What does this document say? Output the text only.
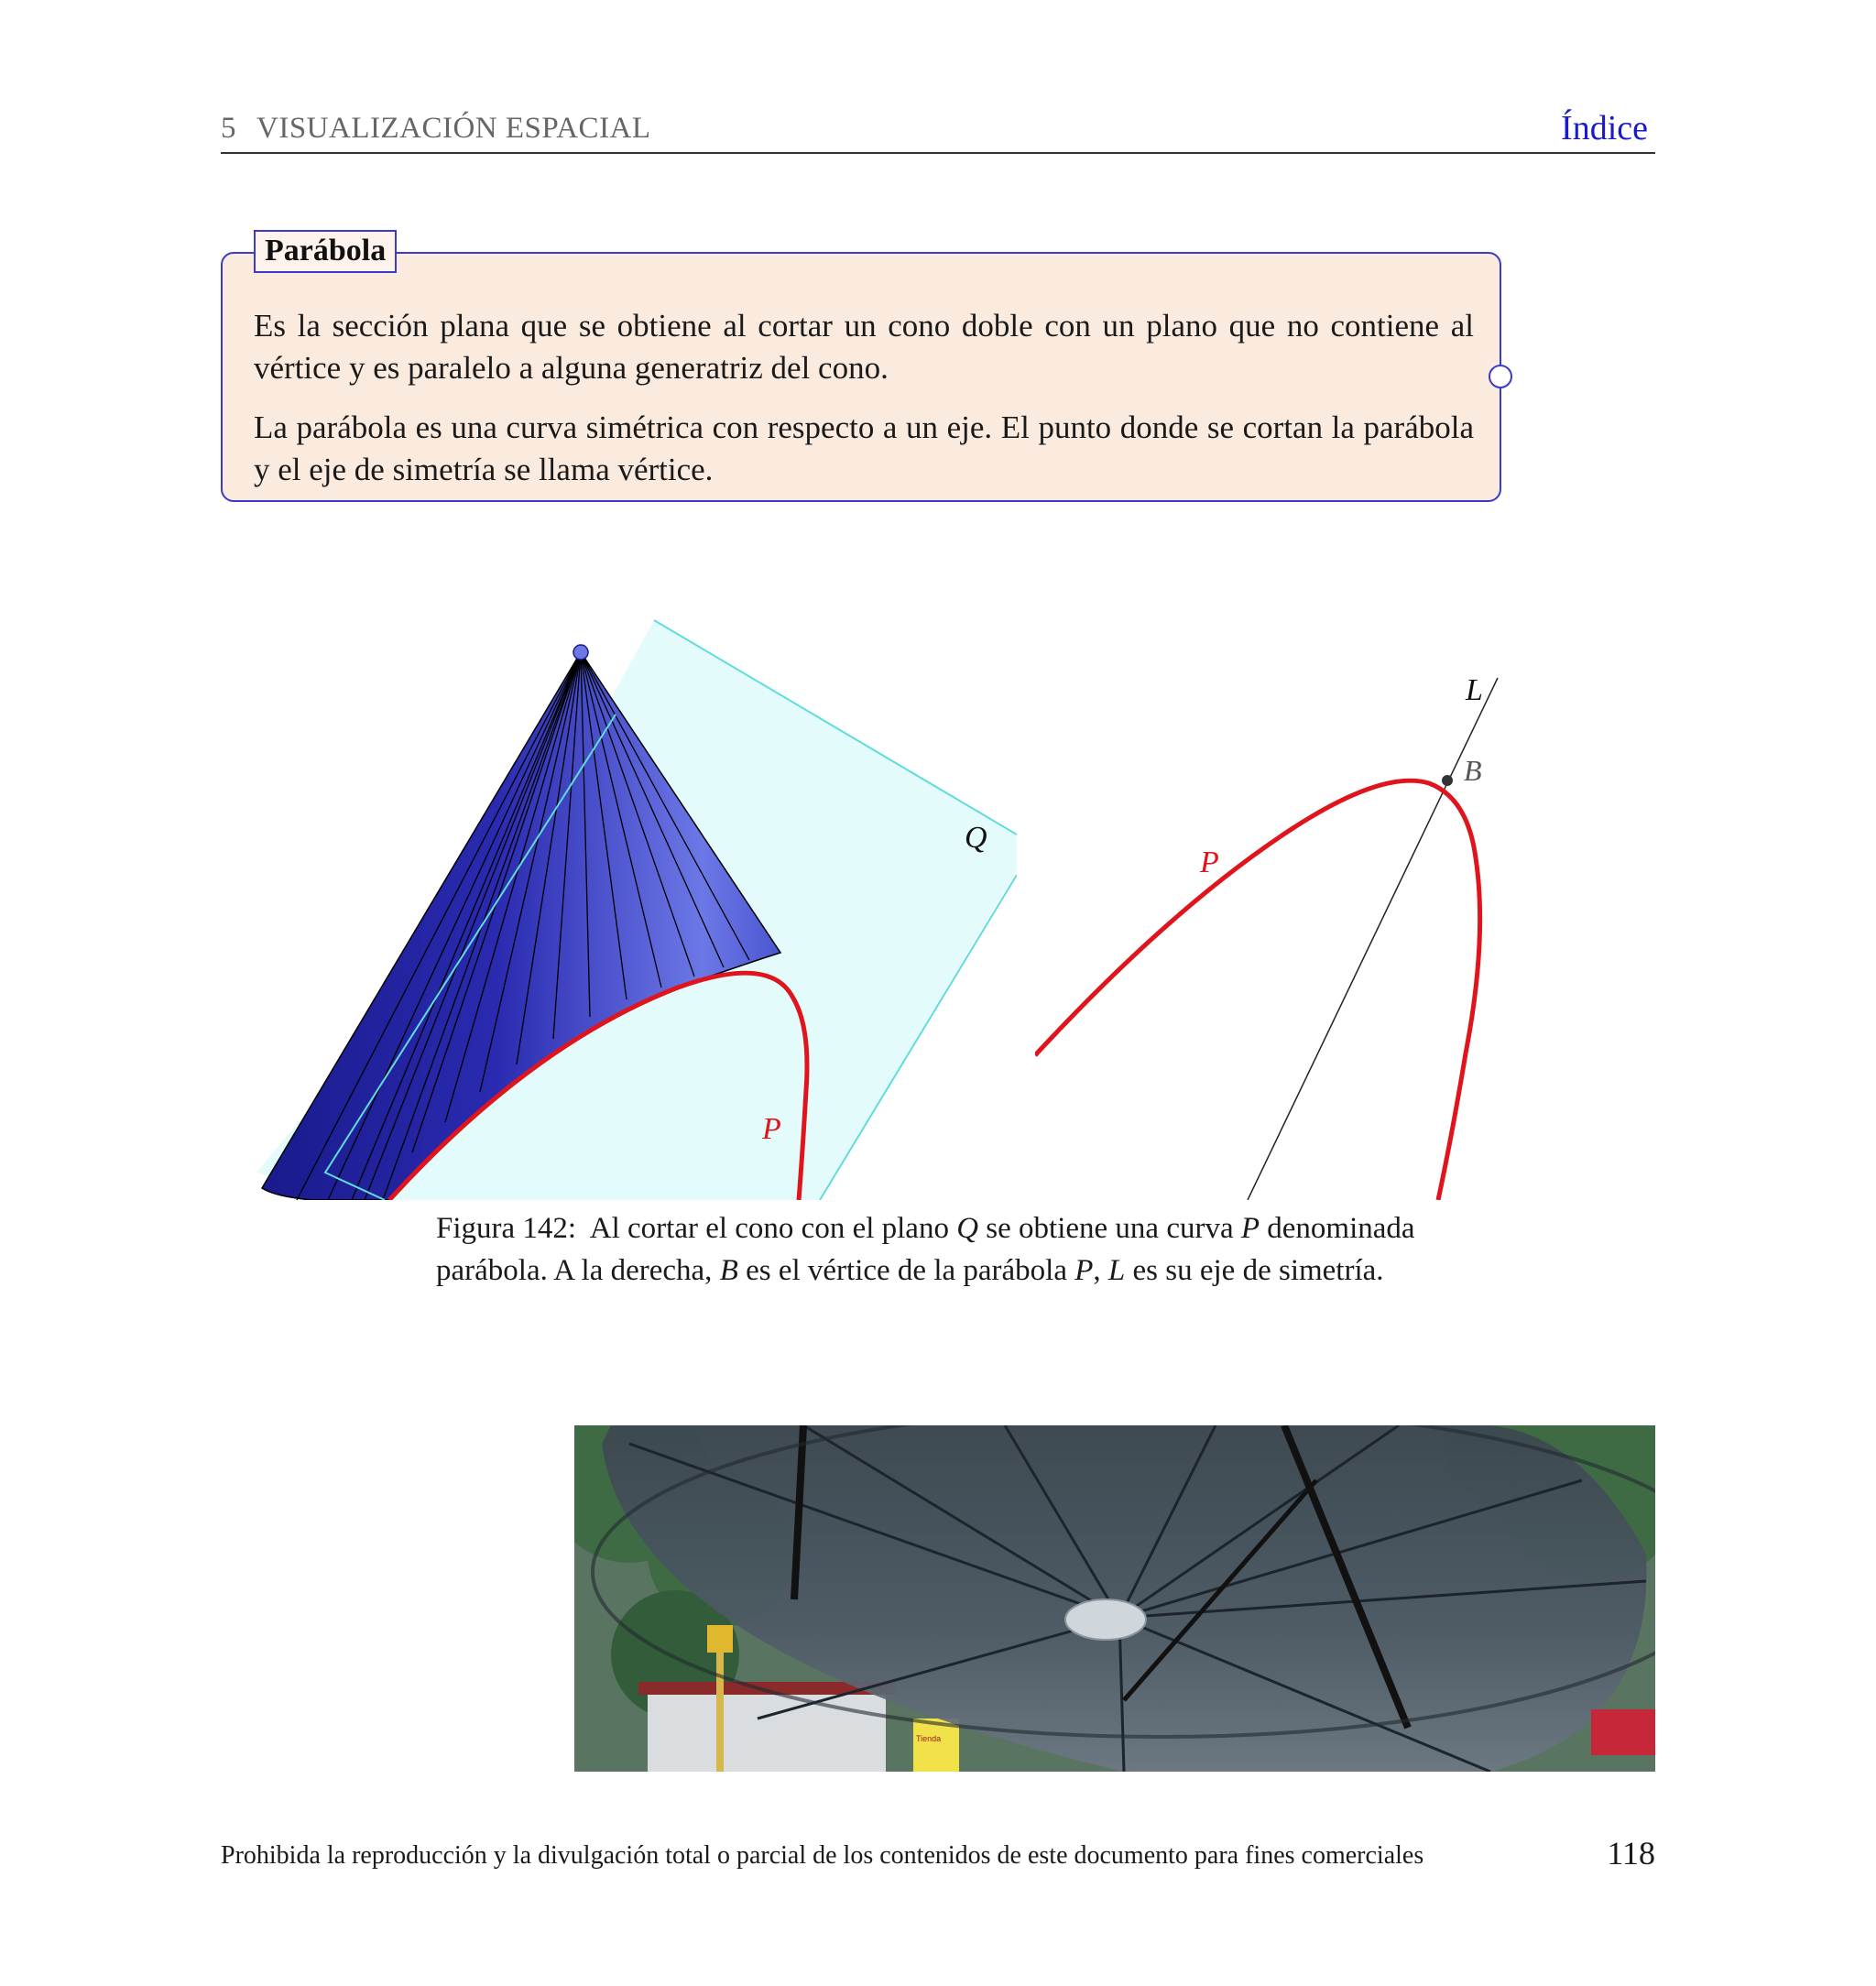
5 VISUALIZACIÓN ESPACIAL	Índice
Parábola

Es la sección plana que se obtiene al cortar un cono doble con un plano que no contiene al vértice y es paralelo a alguna generatriz del cono.

La parábola es una curva simétrica con respecto a un eje. El punto donde se cortan la parábola y el eje de simetría se llama vértice.

Q
P
L
B
P
Figura 142: Al cortar el cono con el plano Q se obtiene una curva P denominada parábola. A la derecha, B es el vértice de la parábola P, L es su eje de simetría.
Tienda
Prohibida la reproducción y la divulgación total o parcial de los contenidos de este documento para fines comerciales	118
